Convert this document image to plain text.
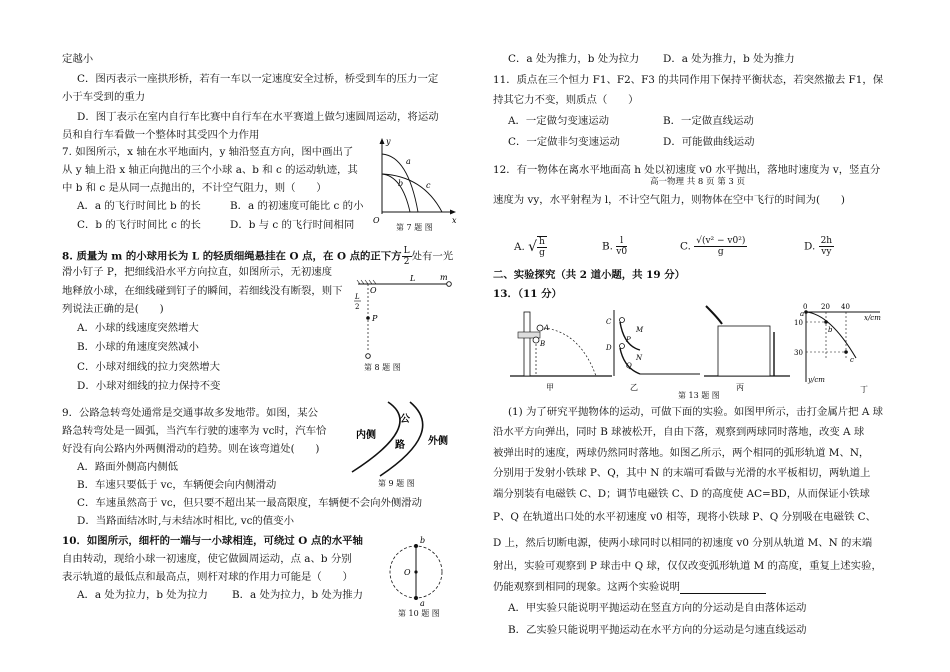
定越小
C．图丙表示一座拱形桥，若有一车以一定速度安全过桥，桥受到车的压力一定
小于车受到的重力
D．图丁表示在室内自行车比赛中自行车在水平赛道上做匀速圆周运动，将运动
员和自行车看做一个整体时其受四个力作用
7. 如图所示，x 轴在水平地面内，y 轴沿竖直方向，图中画出了
从 y 轴上沿 x 轴正向抛出的三个小球 a、b 和 c 的运动轨迹，其
中 b 和 c 是从同一点抛出的，不计空气阻力，则（　　）
A．a 的飞行时间比 b 的长	B．a 的初速度可能比 c 的小
C．b 的飞行时间比 c 的长	D．b 与 c 的飞行时间相同
y
x
O
a
b	c
第 7 题 图
8. 质量为 m 的小球用长为 L 的轻质细绳悬挂在 O 点，在 O 点的正下方 $\frac{L}{2}$ 处有一光
滑小钉子 P，把细线沿水平方向拉直，如图所示，无初速度
地释放小球，在细线碰到钉子的瞬间，若细线没有断裂，则下
列说法正确的是(　　)
A．小球的线速度突然增大
B．小球的角速度突然减小
C．小球对细线的拉力突然增大
D．小球对细线的拉力保持不变
O
L	m
L
2
P
第 8 题 图
9．公路急转弯处通常是交通事故多发地带。如图，某公
路急转弯处是一圆弧，当汽车行驶的速率为 vc时，汽车恰
好没有向公路内外两侧滑动的趋势。则在该弯道处(　　)
A．路面外侧高内侧低
B．车速只要低于 vc，车辆便会向内侧滑动
C．车速虽然高于 vc，但只要不超出某一最高限度，车辆便不会向外侧滑动
D．当路面结冰时,与未结冰时相比, vc的值变小
内侧
公
路 外侧
第 9 题 图
10．如图所示，细杆的一端与一小球相连，可绕过 O 点的水平轴
自由转动，现给小球一初速度，使它做圆周运动，点 a、b 分别
表示轨道的最低点和最高点，则杆对球的作用力可能是（　　）
A．a 处为拉力，b 处为拉力 B．a 处为拉力，b 处为推力
b
O
a
第 10 题 图
C．a 处为推力，b 处为拉力 D．a 处为推力，b 处为推力
11．质点在三个恒力 F1、F2、F3 的共同作用下保持平衡状态，若突然撤去 F1，保
持其它力不变，则质点（　　）
A．一定做匀变速运动	B．一定做直线运动
C．一定做非匀变速运动	D．可能做曲线运动
12．有一物体在离水平地面高 h 处以初速度 v0 水平抛出，落地时速度为 v，竖直分
高一物理 共 8 页 第 3 页
速度为 vy，水平射程为 l，不计空气阻力，则物体在空中飞行的时间为(　　)
A. √ $\frac{h}{g}$	B. $\frac{l}{v0}$	C. $\frac{\text{√(v² − v0²)}}{g}$	D. $\frac{2h}{vy}$
二、实验探究（共 2 道小题，共 19 分）
13．（11 分）
A
B
甲
C
D
M
N
P
Q
乙	丙
0 20 40
x/cm
10
30
y/cm
a
b
c
丁
第 13 题 图
(1) 为了研究平抛物体的运动，可做下面的实验。如图甲所示，击打金属片把 A 球
沿水平方向弹出，同时 B 球被松开，自由下落，观察到两球同时落地，改变 A 球
被弹出时的速度，两球仍然同时落地。如图乙所示，两个相同的弧形轨道 M、N，
分别用于发射小铁球 P、Q，其中 N 的末端可看做与光滑的水平板相切，两轨道上
端分别装有电磁铁 C、D；调节电磁铁 C、D 的高度使 AC=BD，从而保证小铁球
P、Q 在轨道出口处的水平初速度 v0 相等，现将小铁球 P、Q 分别吸在电磁铁 C、
D 上，然后切断电源，使两小球同时以相同的初速度 v0 分别从轨道 M、N 的末端
射出，实验可观察到 P 球击中 Q 球，仅仅改变弧形轨道 M 的高度，重复上述实验，
仍能观察到相同的现象。这两个实验说明
A．甲实验只能说明平抛运动在竖直方向的分运动是自由落体运动
B．乙实验只能说明平抛运动在水平方向的分运动是匀速直线运动
